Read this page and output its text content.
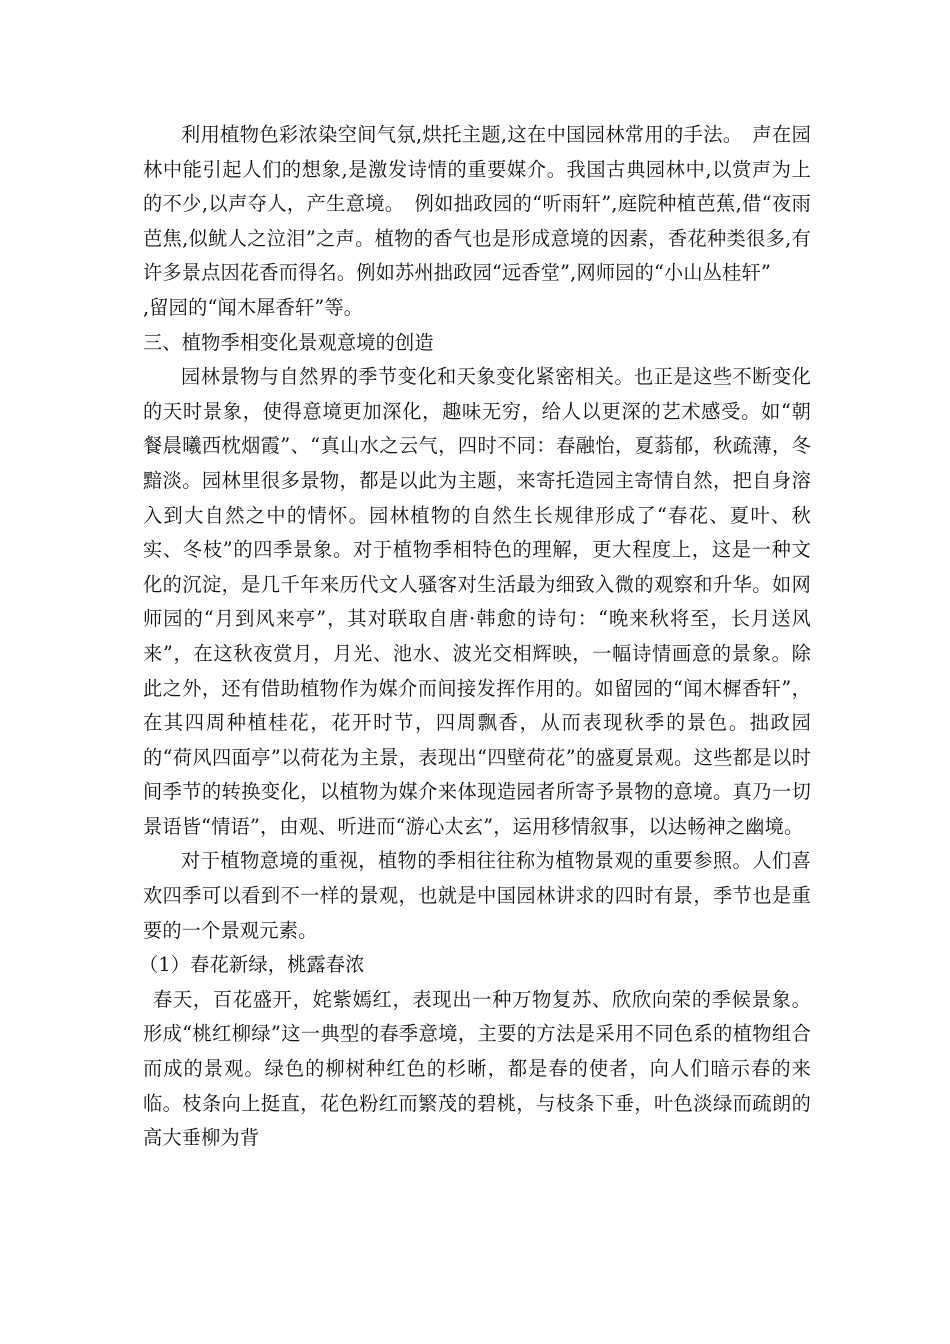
利用植物色彩浓染空间气氛,烘托主题,这在中国园林常用的手法。　声在园林中能引起人们的想象,是激发诗情的重要媒介。我国古典园林中,以赏声为上的不少,以声夺人，产生意境。　例如拙政园的“听雨轩”,庭院种植芭蕉,借“夜雨芭焦,似鱿人之泣泪”之声。植物的香气也是形成意境的因素，香花种类很多,有许多景点因花香而得名。例如苏州拙政园“远香堂”,网师园的“小山丛桂轩”

,留园的“闻木犀香轩”等。

三、植物季相变化景观意境的创造

园林景物与自然界的季节变化和天象变化紧密相关。也正是这些不断变化的天时景象，使得意境更加深化，趣味无穷，给人以更深的艺术感受。如“朝餐晨曦西枕烟霞”、“真山水之云气，四时不同：春融怡，夏蓊郁，秋疏薄，冬黯淡。园林里很多景物，都是以此为主题，来寄托造园主寄情自然，把自身溶入到大自然之中的情怀。园林植物的自然生长规律形成了“春花、夏叶、秋实、冬枝”的四季景象。对于植物季相特色的理解，更大程度上，这是一种文化的沉淀，是几千年来历代文人骚客对生活最为细致入微的观察和升华。如网师园的“月到风来亭”，其对联取自唐·韩愈的诗句：“晚来秋将至，长月送风来”，在这秋夜赏月，月光、池水、波光交相辉映，一幅诗情画意的景象。除此之外，还有借助植物作为媒介而间接发挥作用的。如留园的“闻木樨香轩”，在其四周种植桂花，花开时节，四周飘香，从而表现秋季的景色。拙政园的“荷风四面亭”以荷花为主景，表现出“四壁荷花”的盛夏景观。这些都是以时间季节的转换变化，以植物为媒介来体现造园者所寄予景物的意境。真乃一切景语皆“情语”，由观、听进而“游心太玄”，运用移情叙事，以达畅神之幽境。

对于植物意境的重视，植物的季相往往称为植物景观的重要参照。人们喜欢四季可以看到不一样的景观，也就是中国园林讲求的四时有景，季节也是重要的一个景观元素。

（1）春花新绿，桃露春浓

春天，百花盛开，姹紫嫣红，表现出一种万物复苏、欣欣向荣的季候景象。形成“桃红柳绿”这一典型的春季意境，主要的方法是采用不同色系的植物组合而成的景观。绿色的柳树种红色的杉晰，都是春的使者，向人们暗示春的来临。枝条向上挺直，花色粉红而繁茂的碧桃，与枝条下垂，叶色淡绿而疏朗的高大垂柳为背
